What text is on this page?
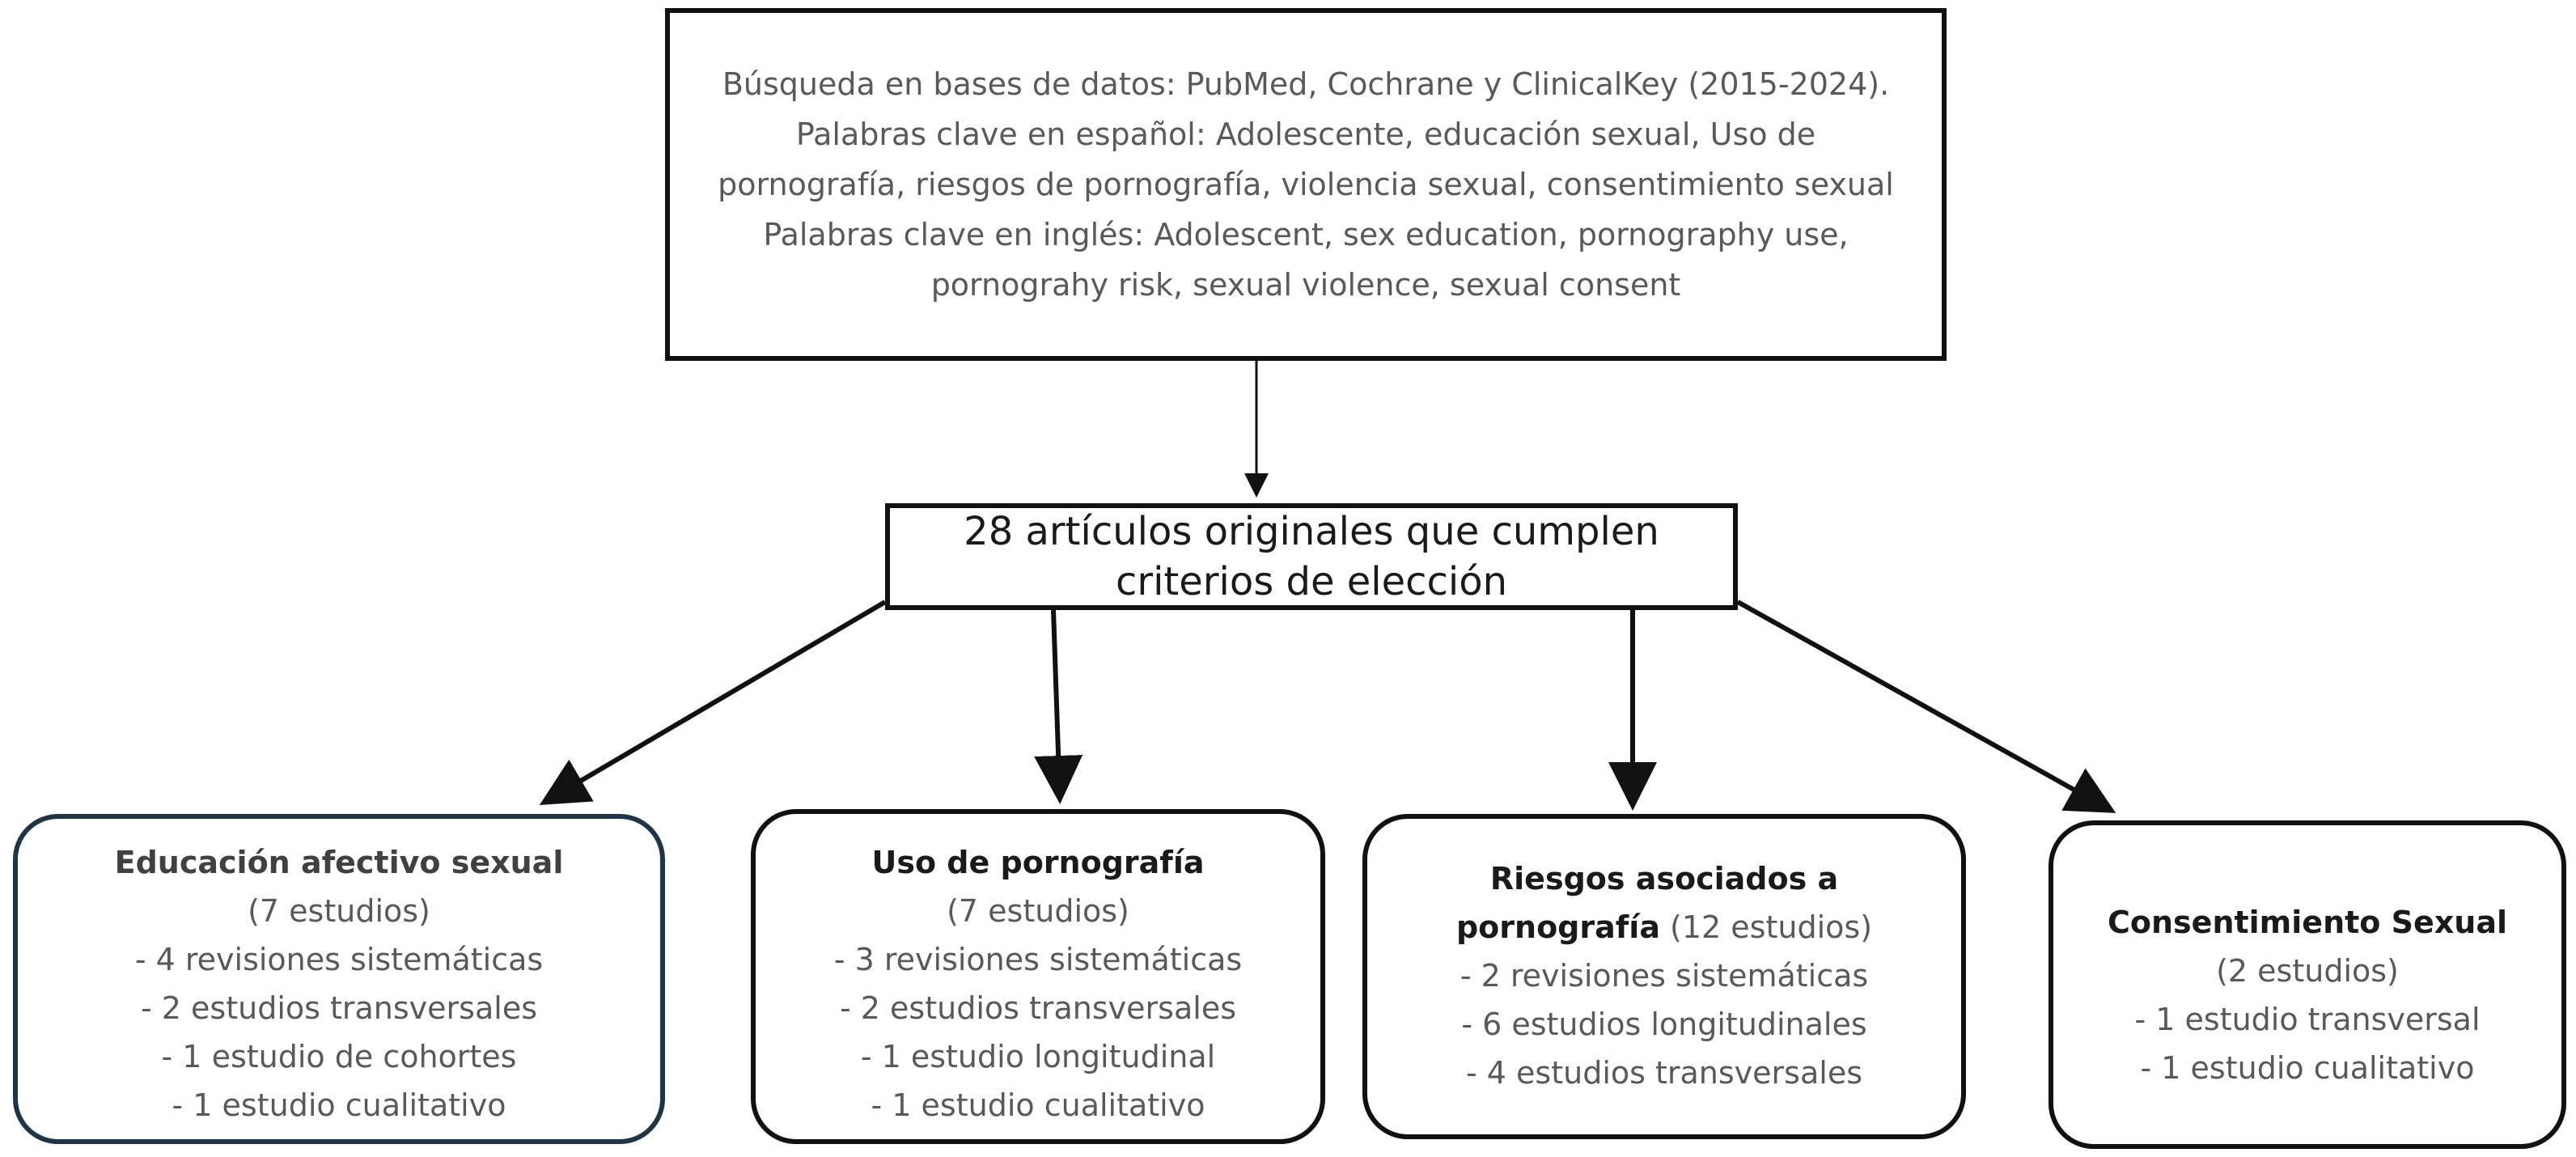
Búsqueda en bases de datos: PubMed, Cochrane y ClinicalKey (2015-2024).
Palabras clave en español: Adolescente, educación sexual, Uso de
pornografía, riesgos de pornografía, violencia sexual, consentimiento sexual
Palabras clave en inglés: Adolescent, sex education, pornography use,
pornograhy risk, sexual violence, sexual consent
28 artículos originales que cumplen
criterios de elección
Educación afectivo sexual
(7 estudios)
- 4 revisiones sistemáticas
- 2 estudios transversales
- 1 estudio de cohortes
- 1 estudio cualitativo
Uso de pornografía
(7 estudios)
- 3 revisiones sistemáticas
- 2 estudios transversales
- 1 estudio longitudinal
- 1 estudio cualitativo
Riesgos asociados a
pornografía (12 estudios)
- 2 revisiones sistemáticas
- 6 estudios longitudinales
- 4 estudios transversales
Consentimiento Sexual
(2 estudios)
- 1 estudio transversal
- 1 estudio cualitativo
